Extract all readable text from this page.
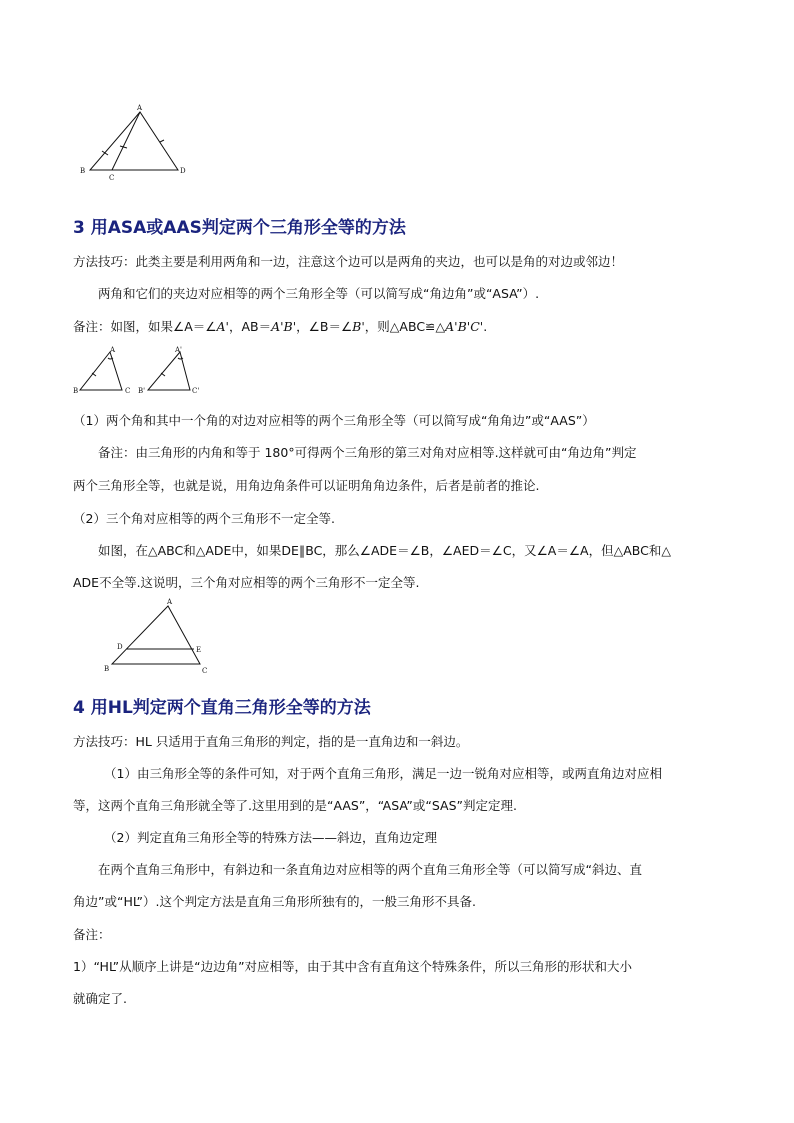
A
B
C
D
3 用ASA或AAS判定两个三角形全等的方法
方法技巧：此类主要是利用两角和一边，注意这个边可以是两角的夹边，也可以是角的对边或邻边！
两角和它们的夹边对应相等的两个三角形全等（可以简写成“角边角”或“ASA”）.
备注：如图，如果∠A＝∠A'，AB＝A'B'，∠B＝∠B'，则△ABC≌△A'B'C'.
A
B	C
A'
B'	C'
（1）两个角和其中一个角的对边对应相等的两个三角形全等（可以简写成“角角边”或“AAS”）
备注：由三角形的内角和等于 180°可得两个三角形的第三对角对应相等.这样就可由“角边角”判定
两个三角形全等，也就是说，用角边角条件可以证明角角边条件，后者是前者的推论.
（2）三个角对应相等的两个三角形不一定全等.
如图，在△ABC和△ADE中，如果DE∥BC，那么∠ADE＝∠B，∠AED＝∠C，又∠A＝∠A，但△ABC和△
ADE不全等.这说明，三个角对应相等的两个三角形不一定全等.
A
B	C
D	E
4 用HL判定两个直角三角形全等的方法
方法技巧：HL 只适用于直角三角形的判定，指的是一直角边和一斜边。
（1）由三角形全等的条件可知，对于两个直角三角形，满足一边一锐角对应相等，或两直角边对应相
等，这两个直角三角形就全等了.这里用到的是“AAS”，“ASA”或“SAS”判定定理.
（2）判定直角三角形全等的特殊方法——斜边，直角边定理
在两个直角三角形中，有斜边和一条直角边对应相等的两个直角三角形全等（可以简写成“斜边、直
角边”或“HL”）.这个判定方法是直角三角形所独有的，一般三角形不具备.
备注：
1）“HL”从顺序上讲是“边边角”对应相等，由于其中含有直角这个特殊条件，所以三角形的形状和大小
就确定了.
